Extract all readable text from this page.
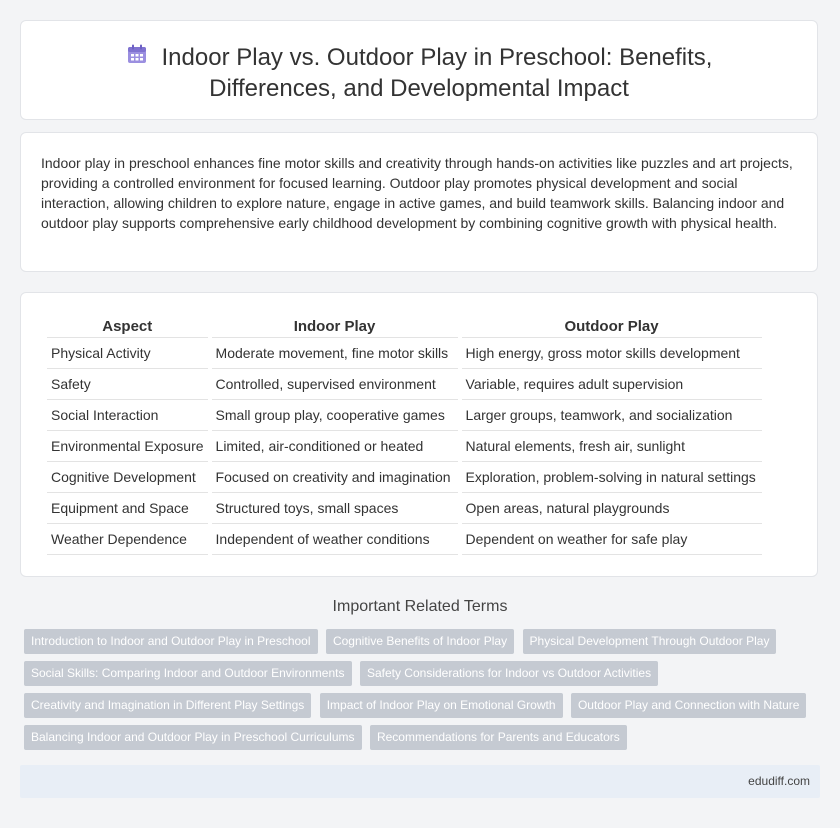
Indoor Play vs. Outdoor Play in Preschool: Benefits, Differences, and Developmental Impact

Indoor play in preschool enhances fine motor skills and creativity through hands-on activities like puzzles and art projects, providing a controlled environment for focused learning. Outdoor play promotes physical development and social interaction, allowing children to explore nature, engage in active games, and build teamwork skills. Balancing indoor and outdoor play supports comprehensive early childhood development by combining cognitive growth with physical health.

Aspect	Indoor Play	Outdoor Play
Physical Activity	Moderate movement, fine motor skills	High energy, gross motor skills development
Safety	Controlled, supervised environment	Variable, requires adult supervision
Social Interaction	Small group play, cooperative games	Larger groups, teamwork, and socialization
Environmental Exposure	Limited, air-conditioned or heated	Natural elements, fresh air, sunlight
Cognitive Development	Focused on creativity and imagination	Exploration, problem-solving in natural settings
Equipment and Space	Structured toys, small spaces	Open areas, natural playgrounds
Weather Dependence	Independent of weather conditions	Dependent on weather for safe play
Important Related Terms
Introduction to Indoor and Outdoor Play in Preschool Cognitive Benefits of Indoor Play Physical Development Through Outdoor Play Social Skills: Comparing Indoor and Outdoor Environments Safety Considerations for Indoor vs Outdoor Activities Creativity and Imagination in Different Play Settings Impact of Indoor Play on Emotional Growth Outdoor Play and Connection with Nature Balancing Indoor and Outdoor Play in Preschool Curriculums Recommendations for Parents and Educators
edudiff.com
